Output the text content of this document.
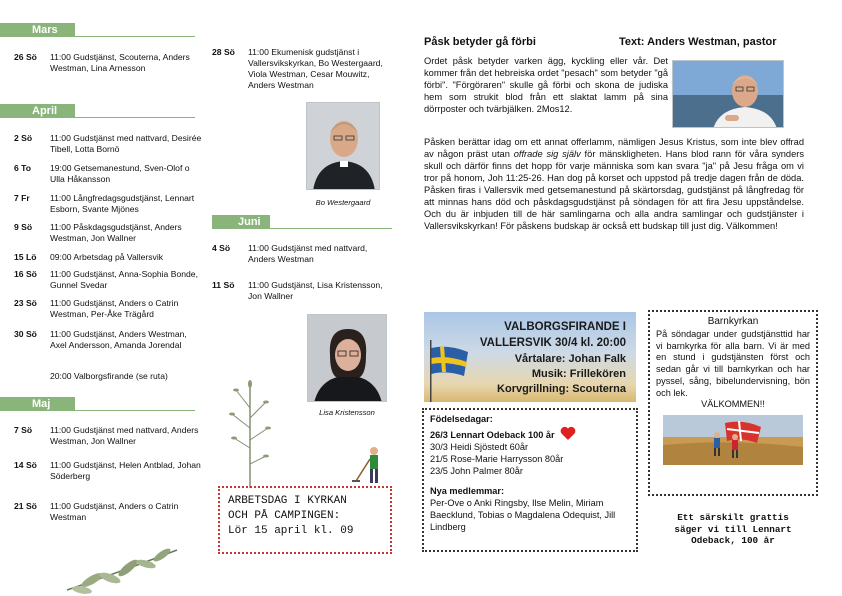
Mars
26 Sö	11:00 Gudstjänst, Scouterna, Anders Westman, Lina Arnesson
April
2 Sö	11:00 Gudstjänst med nattvard, Desirée Tibell, Lotta Bornö
6 To	19:00 Getsemanestund, Sven-Olof o Ulla Håkansson
7 Fr	11:00 Långfredagsgudstjänst, Lennart Esborn, Svante Mjönes
9 Sö	11:00 Påskdagsgudstjänst, Anders Westman, Jon Wallner
15 Lö	09:00 Arbetsdag på Vallersvik
16 Sö	11:00 Gudstjänst, Anna-Sophia Bonde, Gunnel Svedar
23 Sö	11:00 Gudstjänst, Anders o Catrin Westman, Per-Åke Trägård
30 Sö	11:00 Gudstjänst, Anders Westman, Axel Andersson, Amanda Jorendal
20:00 Valborgsfirande (se ruta)
Maj
7 Sö	11:00 Gudstjänst med nattvard, Anders Westman, Jon Wallner
14 Sö	11:00 Gudstjänst, Helen Antblad, Johan Söderberg
21 Sö	11:00 Gudstjänst, Anders o Catrin Westman
28 Sö	11:00 Ekumenisk gudstjänst i Vallersvikskyrkan, Bo Westergaard, Viola Westman, Cesar Mouwitz, Anders Westman
Bo Westergaard
Juni
4 Sö	11:00 Gudstjänst med nattvard, Anders Westman
11 Sö	11:00 Gudstjänst, Lisa Kristensson, Jon Wallner
Lisa Kristensson
ARBETSDAG I KYRKAN
OCH PÅ CAMPINGEN:
Lör 15 april kl. 09
Påsk betyder gå förbi	Text: Anders Westman, pastor
Ordet påsk betyder varken ägg, kyckling eller vår. Det kommer från det hebreiska ordet "pesach" som betyder "gå förbi". "Förgöraren" skulle gå förbi och skona de judiska hem som strukit blod från ett slaktat lamm på sina dörrposter och tvärbjälken. 2Mos12.
Påsken berättar idag om ett annat offerlamm, nämligen Jesus Kristus, som inte blev offrad av någon präst utan offrade sig själv för mänskligheten. Hans blod rann för våra synders skull och därför finns det hopp för varje människa som kan svara "ja" på Jesu fråga om vi tror på honom, Joh 11:25-26. Han dog på korset och uppstod på tredje dagen från de döda. Påsken firas i Vallersvik med getsemanestund på skärtorsdag, gudstjänst på långfredag för att minnas hans död och påskdagsgudstjänst på söndagen för att fira Jesu uppståndelse. Och du är inbjuden till de här samlingarna och alla andra samlingar och gudstjänster i Vallersvikskyrkan! För påskens budskap är också ett budskap till just dig. Välkommen!
VALBORGSFIRANDE I
VALLERSVIK 30/4 kl. 20:00
Vårtalare: Johan Falk
Musik: Frillekören
Korvgrillning: Scouterna
Födelsedagar:
26/3 Lennart Odeback 100 år
30/3 Heidi Sjöstedt 60år
21/5 Rose-Marie Harrysson 80år
23/5 John Palmer 80år
Nya medlemmar:
Per-Ove o Anki Ringsby, Ilse Melin, Miriam Baecklund, Tobias o Magdalena Odequist, Jill Lindberg
Barnkyrkan
På söndagar under gudstjänsttid har vi barnkyrka för alla barn. Vi är med en stund i gudstjänsten först och sedan går vi till barnkyrkan och har pyssel, sång, bibelundervisning, bön och lek.
VÄLKOMMEN!!
Ett särskilt grattis
säger vi till Lennart
Odeback, 100 år
